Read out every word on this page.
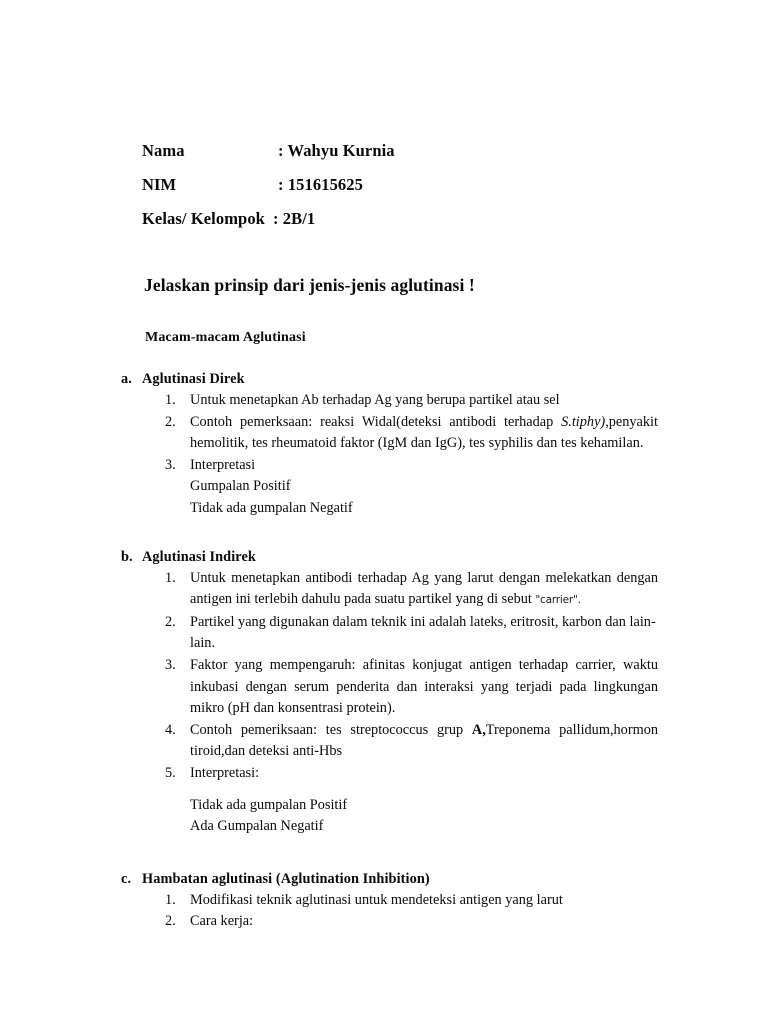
Nama	: Wahyu Kurnia
NIM	: 151615625
Kelas/ Kelompok : 2B/1
Jelaskan prinsip dari jenis-jenis aglutinasi !
Macam-macam Aglutinasi
a. Aglutinasi Direk
1. Untuk menetapkan Ab terhadap Ag yang berupa partikel atau sel

2. Contoh pemerksaan: reaksi Widal(deteksi antibodi terhadap S.tiphy),penyakit hemolitik, tes rheumatoid faktor (IgM dan IgG), tes syphilis dan tes kehamilan.

3. Interpretasi

Gumpalan Positif

Tidak ada gumpalan Negatif

b. Aglutinasi Indirek
1. Untuk menetapkan antibodi terhadap Ag yang larut dengan melekatkan dengan antigen ini terlebih dahulu pada suatu partikel yang di sebut "carrier".

2. Partikel yang digunakan dalam teknik ini adalah lateks, eritrosit, karbon dan lain-lain.

3. Faktor yang mempengaruh: afinitas konjugat antigen terhadap carrier, waktu inkubasi dengan serum penderita dan interaksi yang terjadi pada lingkungan mikro (pH dan konsentrasi protein).

4. Contoh pemeriksaan: tes streptococcus grup A,Treponema pallidum,hormon tiroid,dan deteksi anti-Hbs

5. Interpretasi:

Tidak ada gumpalan Positif

Ada Gumpalan Negatif

c. Hambatan aglutinasi (Aglutination Inhibition)
1. Modifikasi teknik aglutinasi untuk mendeteksi antigen yang larut

2. Cara kerja:
